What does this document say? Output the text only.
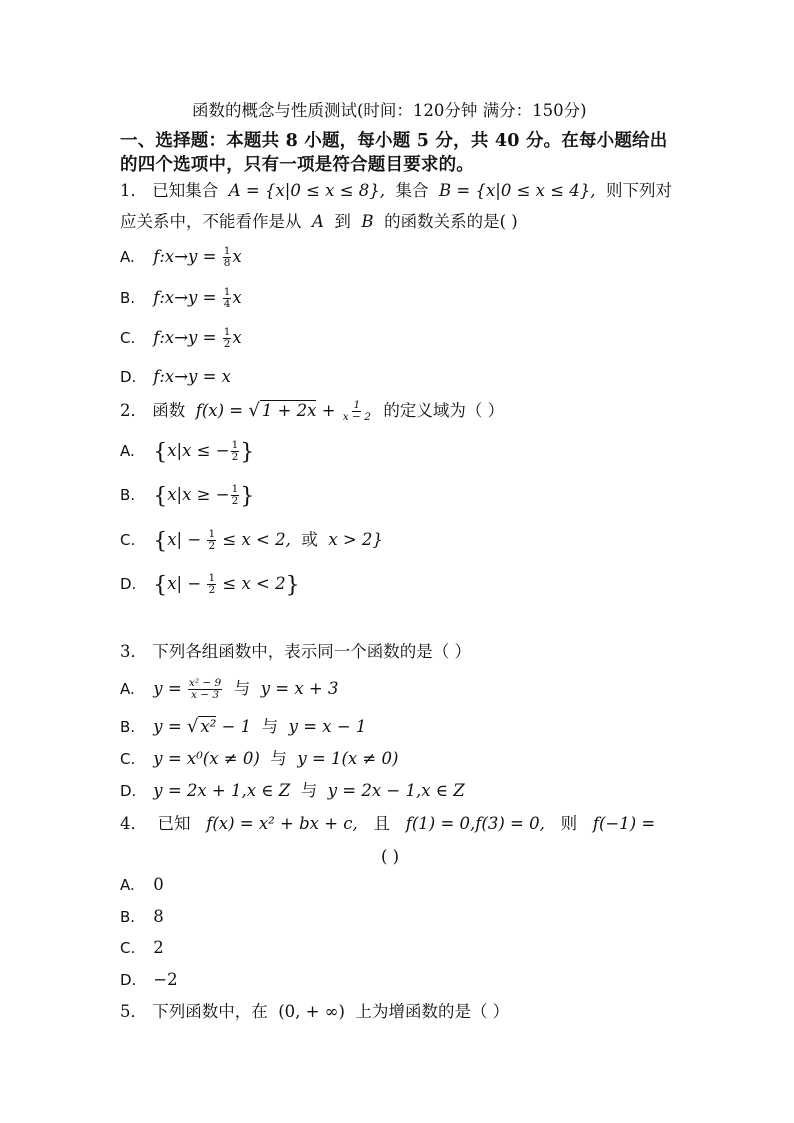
函数的概念与性质测试(时间：120分钟 满分：150分)
一、选择题：本题共 8 小题，每小题 5 分，共 40 分。在每小题给出
的四个选项中，只有一项是符合题目要求的。
1． 已知集合 A = {x|0 ≤ x ≤ 8}, 集合 B = {x|0 ≤ x ≤ 4}, 则下列对
应关系中，不能看作是从 A 到 B 的函数关系的是( )
A. f:x→y = $\frac{1}{8}$ x
B. f:x→y = $\frac{1}{4}$ x
C. f:x→y = $\frac{1}{2}$ x
D. f:x→y = x
2． 函数 f(x) = √ $1 + 2x + \frac{1}{x - 2}$ 的定义域为（ ）
A. {x|x ≤ − $\frac{1}{2}$ }
B. {x|x ≥ − $\frac{1}{2}$ }
C. {$x| - \frac{1}{2} \le x < 2$, 或 x > 2}
D. $\{x| - \frac{1}{2} \le x < 2\}$
3． 下列各组函数中，表示同一个函数的是（ ）
A. $y = \frac{\text{x² − 9}}{x - 3}$ 与 y = x + 3
B. y = √ x² − 1 与 y = x − 1
C. y = x⁰(x ≠ 0) 与 y = 1(x ≠ 0)
D. y = 2x + 1,x ∈ Z 与 y = 2x − 1,x ∈ Z
4． 已知 f(x) = x² + bx + c, 且 f(1) = 0,f(3) = 0, 则 f(−1) =
( )
A. 0
B. 8
C. 2
D. −2
5． 下列函数中，在 (0, + ∞) 上为增函数的是（ ）
